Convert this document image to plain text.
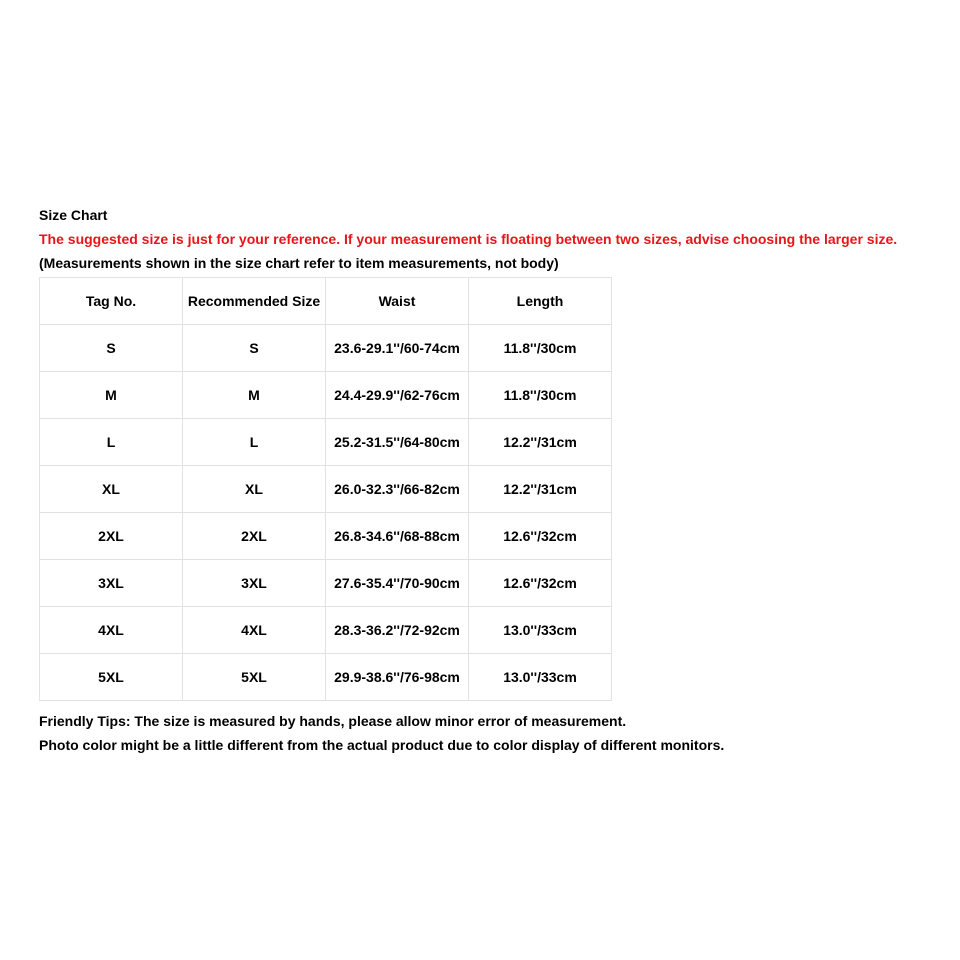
Size Chart
The suggested size is just for your reference. If your measurement is floating between two sizes, advise choosing the larger size.
(Measurements shown in the size chart refer to item measurements, not body)
Tag No.	Recommended Size	Waist	Length
S	S	23.6-29.1''/60-74cm	11.8''/30cm
M	M	24.4-29.9''/62-76cm	11.8''/30cm
L	L	25.2-31.5''/64-80cm	12.2''/31cm
XL	XL	26.0-32.3''/66-82cm	12.2''/31cm
2XL	2XL	26.8-34.6''/68-88cm	12.6''/32cm
3XL	3XL	27.6-35.4''/70-90cm	12.6''/32cm
4XL	4XL	28.3-36.2''/72-92cm	13.0''/33cm
5XL	5XL	29.9-38.6''/76-98cm	13.0''/33cm
Friendly Tips: The size is measured by hands, please allow minor error of measurement.
Photo color might be a little different from the actual product due to color display of different monitors.
